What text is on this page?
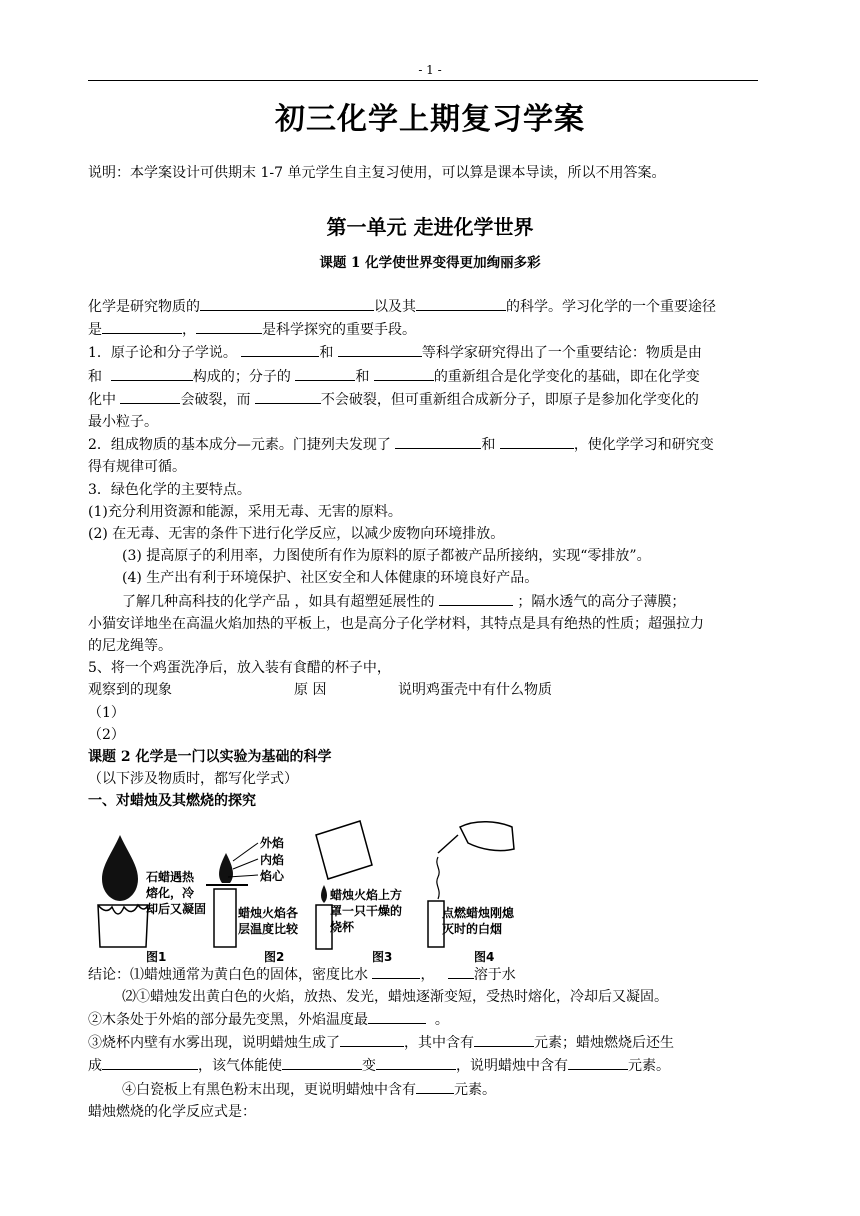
- 1 -
初三化学上期复习学案
说明：本学案设计可供期末 1-7 单元学生自主复习使用，可以算是课本导读，所以不用答案。
第一单元 走进化学世界
课题 1 化学使世界变得更加绚丽多彩

化学是研究物质的	以及其	的科学。学习化学的一个重要途径

是	，	是科学探究的重要手段。

1．原子论和分子学说。	和	等科学家研究得出了一个重要结论：物质是由
和	构成的；分子的	和	的重新组合是化学变化的基础，即在化学变
化中	会破裂，而	不会破裂，但可重新组合成新分子，即原子是参加化学变化的
最小粒子。

2．组成物质的基本成分—元素。门捷列夫发现了	和	，使化学学习和研究变
得有规律可循。

3．绿色化学的主要特点。

(1)充分利用资源和能源，采用无毒、无害的原料。

(2) 在无毒、无害的条件下进行化学反应，以减少废物向环境排放。

(3) 提高原子的利用率，力图使所有作为原料的原子都被产品所接纳，实现“零排放”。

(4) 生产出有利于环境保护、社区安全和人体健康的环境良好产品。

了解几种高科技的化学产品 ，如具有超塑延展性的	；隔水透气的高分子薄膜；
小猫安详地坐在高温火焰加热的平板上，也是高分子化学材料，其特点是具有绝热的性质；超强拉力
的尼龙绳等。

5、将一个鸡蛋洗净后，放入装有食醋的杯子中，

观察到的现象	原 因	说明鸡蛋壳中有什么物质

（1）

（2）

课题 2 化学是一门以实验为基础的科学

（以下涉及物质时，都写化学式）

一、对蜡烛及其燃烧的探究

石蜡遇热
熔化，冷
却后又凝固
外焰
内焰
焰心
蜡烛火焰各
层温度比较
蜡烛火焰上方
罩一只干燥的
烧杯
点燃蜡烛刚熄
灭时的白烟
图1	图2	图3	图4

结论：⑴蜡烛通常为黄白色的固体，密度比水	，	溶于水

⑵①蜡烛发出黄白色的火焰，放热、发光，蜡烛逐渐变短，受热时熔化，冷却后又凝固。

②木条处于外焰的部分最先变黑，外焰温度最	。

③烧杯内壁有水雾出现，说明蜡烛生成了	，其中含有	元素；蜡烛燃烧后还生
成	，该气体能使	变	，说明蜡烛中含有	元素。

④白瓷板上有黑色粉末出现，更说明蜡烛中含有	元素。

蜡烛燃烧的化学反应式是：
